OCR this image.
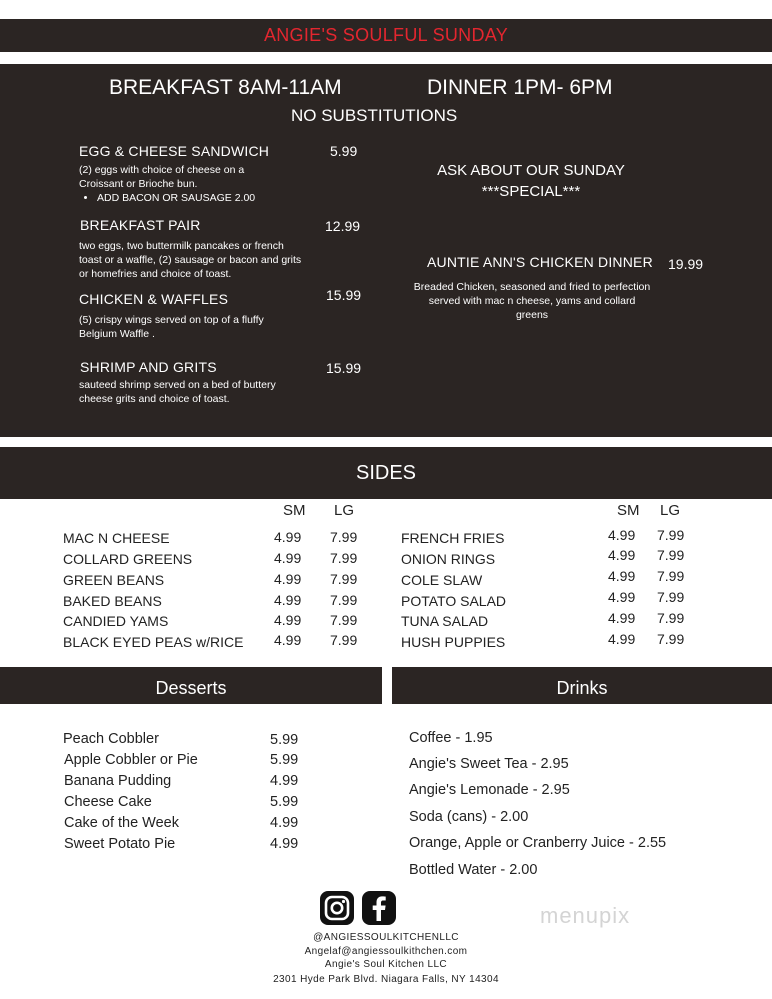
ANGIE'S SOULFUL SUNDAY
BREAKFAST 8AM-11AM	DINNER 1PM- 6PM
NO SUBSTITUTIONS
EGG & CHEESE SANDWICH	5.99
(2) eggs with choice of cheese on a Croissant or Brioche bun.
• ADD BACON OR SAUSAGE 2.00
BREAKFAST PAIR	12.99
two eggs, two buttermilk pancakes or french toast or a waffle, (2) sausage or bacon and grits or homefries and choice of toast.
CHICKEN & WAFFLES	15.99
(5) crispy wings served on top of a fluffy Belgium Waffle .
SHRIMP AND GRITS	15.99
sauteed shrimp served on a bed of buttery cheese grits and choice of toast.
ASK ABOUT OUR SUNDAY
***SPECIAL***
AUNTIE ANN'S CHICKEN DINNER 19.99
Breaded Chicken, seasoned and fried to perfection served with mac n cheese, yams and collard greens
SIDES
SM LG	SM LG
MAC N CHEESE	4.99 7.99
COLLARD GREENS	4.99 7.99
GREEN BEANS	4.99 7.99
BAKED BEANS	4.99 7.99
CANDIED YAMS	4.99 7.99
BLACK EYED PEAS w/RICE 4.99 7.99
FRENCH FRIES	4.99 7.99
ONION RINGS	4.99 7.99
COLE SLAW	4.99 7.99
POTATO SALAD	4.99 7.99
TUNA SALAD	4.99 7.99
HUSH PUPPIES	4.99 7.99
Desserts	Drinks
Peach Cobbler	5.99
Apple Cobbler or Pie	5.99
Banana Pudding	4.99
Cheese Cake	5.99
Cake of the Week	4.99
Sweet Potato Pie	4.99
Coffee - 1.95
Angie's Sweet Tea - 2.95
Angie's Lemonade - 2.95
Soda (cans) - 2.00
Orange, Apple or Cranberry Juice - 2.55
Bottled Water - 2.00
@ANGIESSOULKITCHENLLC
Angelaf@angiessoulkithchen.com
Angie's Soul Kitchen LLC
2301 Hyde Park Blvd. Niagara Falls, NY 14304
menupix
